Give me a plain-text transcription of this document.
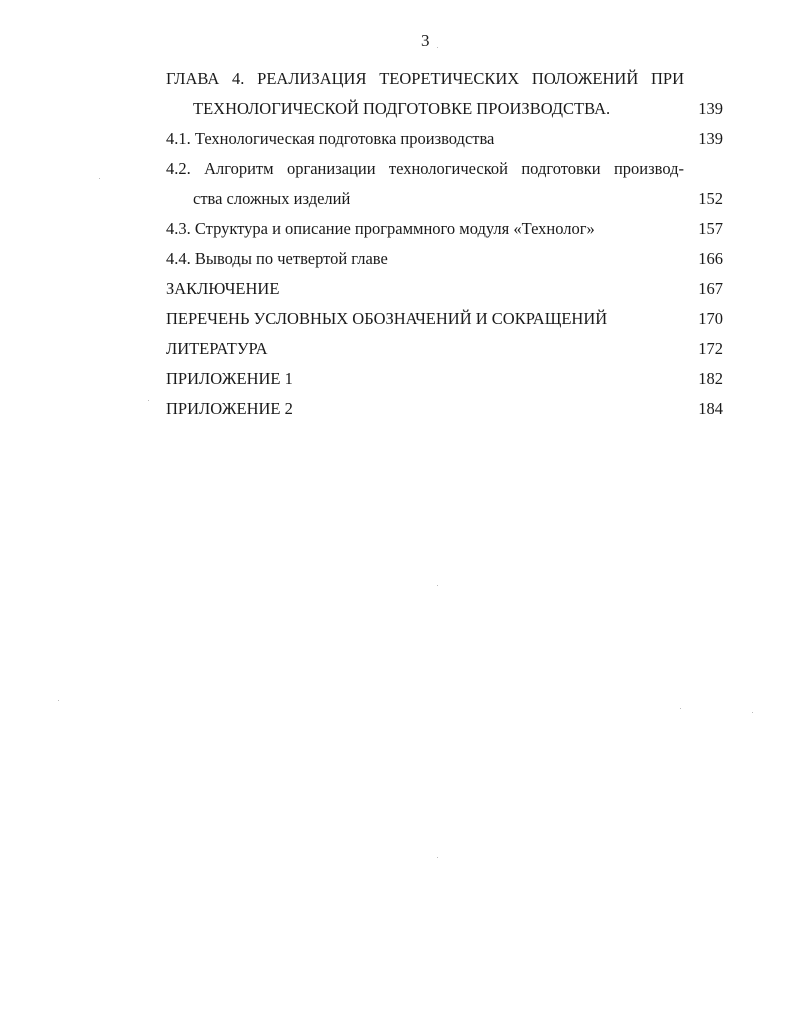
3
ГЛАВА 4. РЕАЛИЗАЦИЯ ТЕОРЕТИЧЕСКИХ ПОЛОЖЕНИЙ ПРИ
ТЕХНОЛОГИЧЕСКОЙ ПОДГОТОВКЕ ПРОИЗВОДСТВА.	139
4.1. Технологическая подготовка производства	139
4.2. Алгоритм организации технологической подготовки производ-
ства сложных изделий	152
4.3. Структура и описание программного модуля «Технолог»	157
4.4. Выводы по четвертой главе	166
ЗАКЛЮЧЕНИЕ	167
ПЕРЕЧЕНЬ УСЛОВНЫХ ОБОЗНАЧЕНИЙ И СОКРАЩЕНИЙ	170
ЛИТЕРАТУРА	172
ПРИЛОЖЕНИЕ 1	182
ПРИЛОЖЕНИЕ 2	184
